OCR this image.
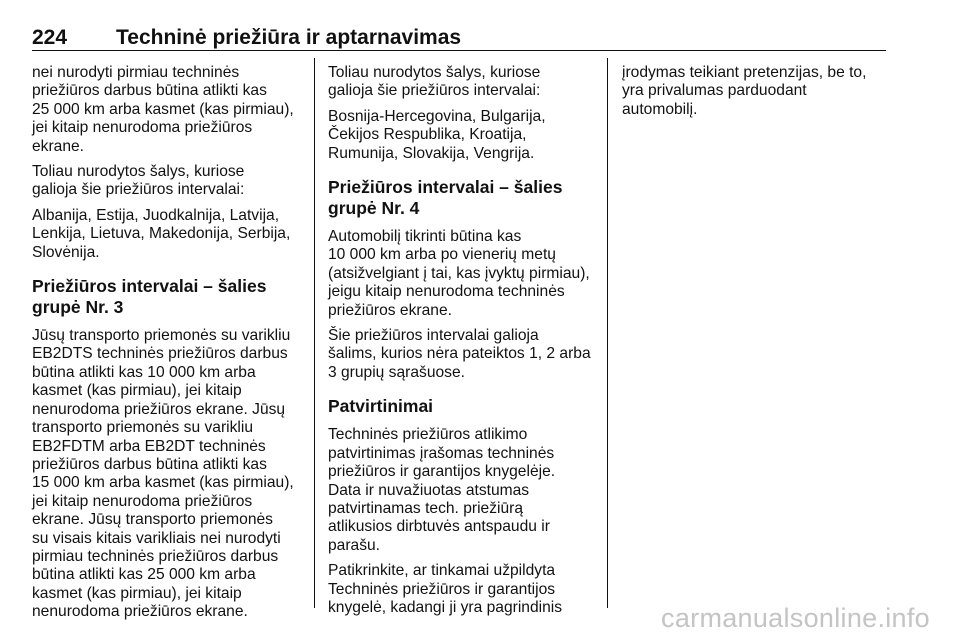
224 Techninė priežiūra ir aptarnavimas

nei nurodyti pirmiau techninės
priežiūros darbus būtina atlikti kas
25 000 km arba kasmet (kas pirmiau),
jei kitaip nenurodoma priežiūros
ekrane.

Toliau nurodytos šalys, kuriose
galioja šie priežiūros intervalai:

Albanija, Estija, Juodkalnija, Latvija,
Lenkija, Lietuva, Makedonija, Serbija,
Slovėnija.

Priežiūros intervalai – šalies
grupė Nr. 3

Jūsų transporto priemonės su varikliu
EB2DTS techninės priežiūros darbus
būtina atlikti kas 10 000 km arba
kasmet (kas pirmiau), jei kitaip
nenurodoma priežiūros ekrane. Jūsų
transporto priemonės su varikliu
EB2FDTM arba EB2DT techninės
priežiūros darbus būtina atlikti kas
15 000 km arba kasmet (kas pirmiau),
jei kitaip nenurodoma priežiūros
ekrane. Jūsų transporto priemonės
su visais kitais varikliais nei nurodyti
pirmiau techninės priežiūros darbus
būtina atlikti kas 25 000 km arba
kasmet (kas pirmiau), jei kitaip
nenurodoma priežiūros ekrane.

Toliau nurodytos šalys, kuriose
galioja šie priežiūros intervalai:

Bosnija-Hercegovina, Bulgarija,
Čekijos Respublika, Kroatija,
Rumunija, Slovakija, Vengrija.

Priežiūros intervalai – šalies
grupė Nr. 4

Automobilį tikrinti būtina kas
10 000 km arba po vienerių metų
(atsižvelgiant į tai, kas įvyktų pirmiau),
jeigu kitaip nenurodoma techninės
priežiūros ekrane.

Šie priežiūros intervalai galioja
šalims, kurios nėra pateiktos 1, 2 arba
3 grupių sąrašuose.

Patvirtinimai

Techninės priežiūros atlikimo
patvirtinimas įrašomas techninės
priežiūros ir garantijos knygelėje.
Data ir nuvažiuotas atstumas
patvirtinamas tech. priežiūrą
atlikusios dirbtuvės antspaudu ir
parašu.

Patikrinkite, ar tinkamai užpildyta
Techninės priežiūros ir garantijos
knygelė, kadangi ji yra pagrindinis

įrodymas teikiant pretenzijas, be to,
yra privalumas parduodant
automobilį.

carmanualsonline.info
